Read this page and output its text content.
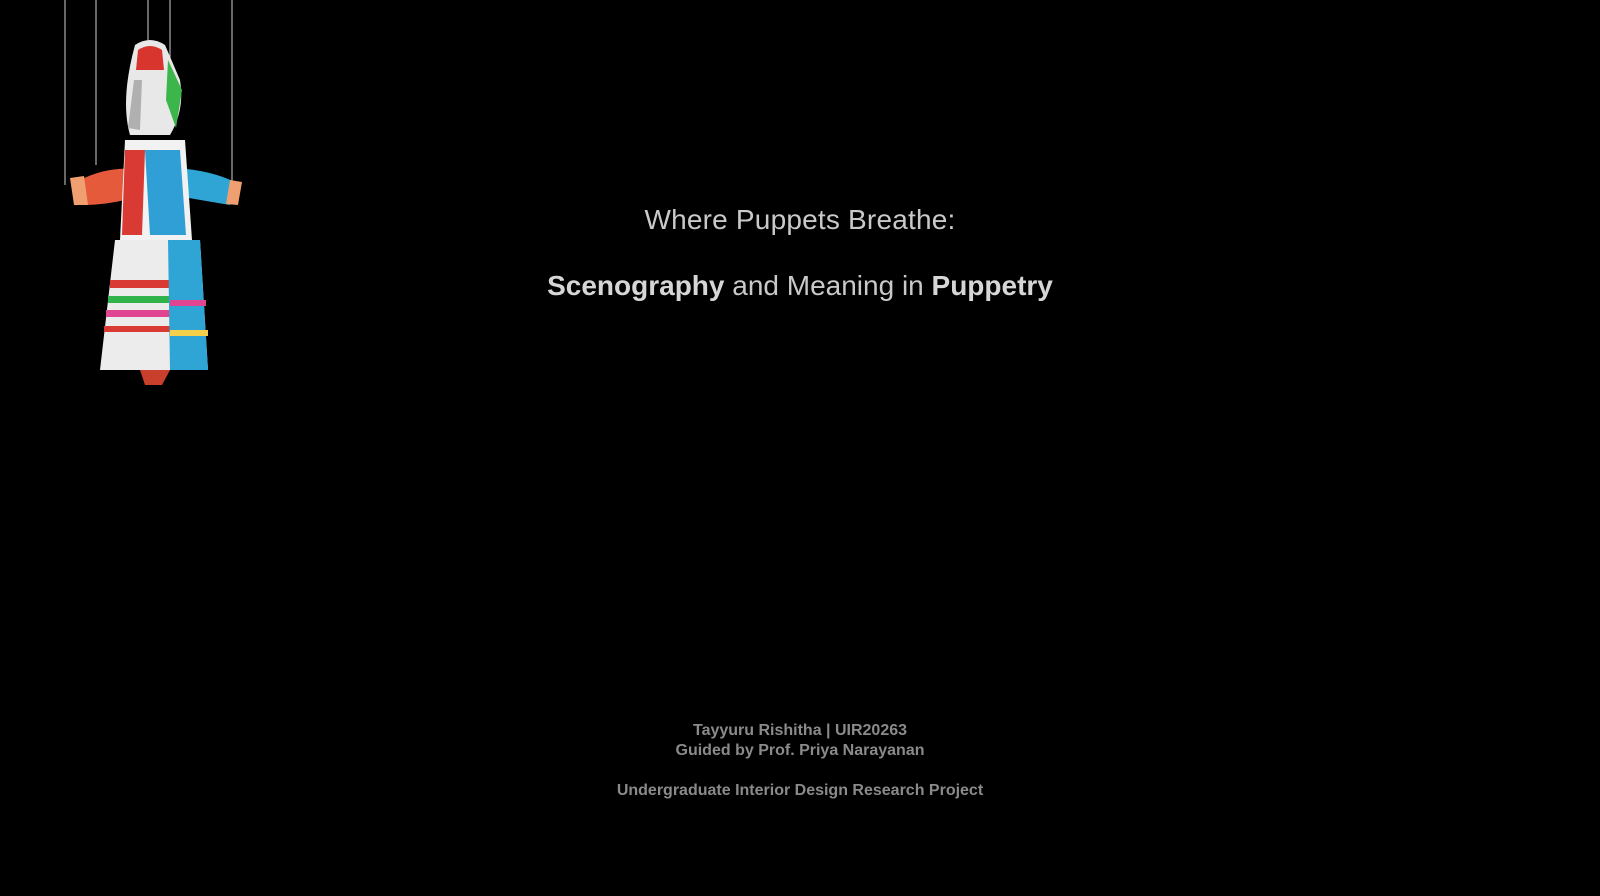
Where Puppets Breathe:
Scenography and Meaning in Puppetry
Tayyuru Rishitha | UIR20263
Guided by Prof. Priya Narayanan
Undergraduate Interior Design Research Project
